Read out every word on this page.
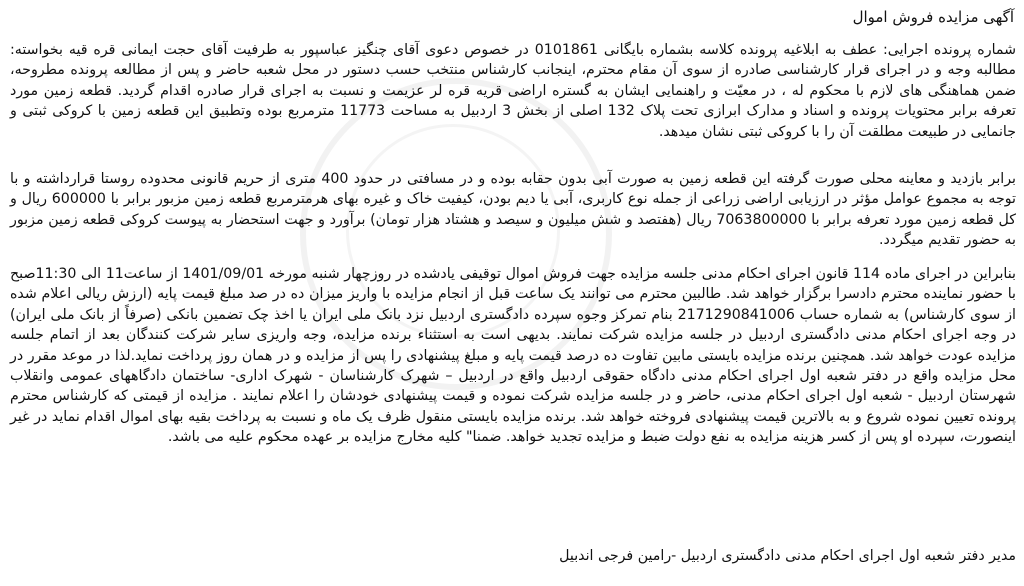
آگهی مزایده فروش اموال

شماره پرونده اجرایی: عطف به ابلاغیه پرونده کلاسه بشماره بایگانی 0101861 در خصوص دعوی آقای چنگیز عباسپور به طرفیت آقای حجت ایمانی قره قیه بخواسته: مطالبه وجه و در اجرای قرار کارشناسی صادره از سوی آن مقام محترم، اینجانب کارشناس منتخب حسب دستور در محل شعبه حاضر و پس از مطالعه پرونده مطروحه، ضمن هماهنگی های لازم با محکوم له ، در معیّت و راهنمایی ایشان به گستره اراضی قریه قره لر عزیمت و نسبت به اجرای قرار صادره اقدام گردید. قطعه زمین مورد تعرفه برابر محتویات پرونده و اسناد و مدارک ابرازی تحت پلاک 132 اصلی از بخش 3 اردبیل به مساحت 11773 مترمربع بوده وتطبیق این قطعه زمین با کروکی ثبتی و جانمایی در طبیعت مطلقت آن را با کروکی ثبتی نشان میدهد.

برابر بازدید و معاینه محلی صورت گرفته این قطعه زمین به صورت آبی بدون حقابه بوده و در مسافتی در حدود 400 متری از حریم قانونی محدوده روستا قرارداشته و با توجه به مجموع عوامل مؤثر در ارزیابی اراضی زراعی از جمله نوع کاربری، آبی یا دیم بودن، کیفیت خاک و غیره بهای هرمترمربع قطعه زمین مزبور برابر با 600000 ریال و کل قطعه زمین مورد تعرفه برابر با 7063800000 ریال (هفتصد و شش میلیون و سیصد و هشتاد هزار تومان) برآورد و جهت استحضار به پیوست کروکی قطعه زمین مزبور به حضور تقدیم میگردد.

بنابراین در اجرای ماده 114 قانون اجرای احکام مدنی جلسه مزایده جهت فروش اموال توقیفی یادشده در روزچهار شنبه مورخه 1401/09/01 از ساعت11 الی 11:30صبح با حضور نماینده محترم دادسرا برگزار خواهد شد. طالبین محترم می توانند یک ساعت قبل از انجام مزایده با واریز میزان ده در صد مبلغ قیمت پایه (ارزش ریالی اعلام شده از سوی کارشناس) به شماره حساب 2171290841006 بنام تمرکز وجوه سپرده دادگستری اردبیل نزد بانک ملی ایران یا اخذ چک تضمین بانکی (صرفاً از بانک ملی ایران) در وجه اجرای احکام مدنی دادگستری اردبیل در جلسه مزایده شرکت نمایند. بدیهی است به استثناء برنده مزایده، وجه واریزی سایر شرکت کنندگان بعد از اتمام جلسه مزایده عودت خواهد شد. همچنین برنده مزایده بایستی مابین تفاوت ده درصد قیمت پایه و مبلغ پیشنهادی را پس از مزایده و در همان روز پرداخت نماید.لذا در موعد مقرر در محل مزایده واقع در دفتر شعبه اول اجرای احکام مدنی دادگاه حقوقی اردبیل واقع در اردبیل – شهرک کارشناسان - شهرک اداری- ساختمان دادگاههای عمومی وانقلاب شهرستان اردبیل - شعبه اول اجرای احکام مدنی، حاضر و در جلسه مزایده شرکت نموده و قیمت پیشنهادی خودشان را اعلام نمایند . مزایده از قیمتی که کارشناس محترم پرونده تعیین نموده شروع و به بالاترین قیمت پیشنهادی فروخته خواهد شد. برنده مزایده بایستی منقول ظرف یک ماه و نسبت به پرداخت بقیه بهای اموال اقدام نماید در غیر اینصورت، سپرده او پس از کسر هزینه مزایده به نفع دولت ضبط و مزایده تجدید خواهد. ضمنا" کلیه مخارج مزایده بر عهده محکوم علیه می باشد.

مدیر دفتر شعبه اول اجرای احکام مدنی دادگستری اردبیل -رامین فرجی اندبیل
